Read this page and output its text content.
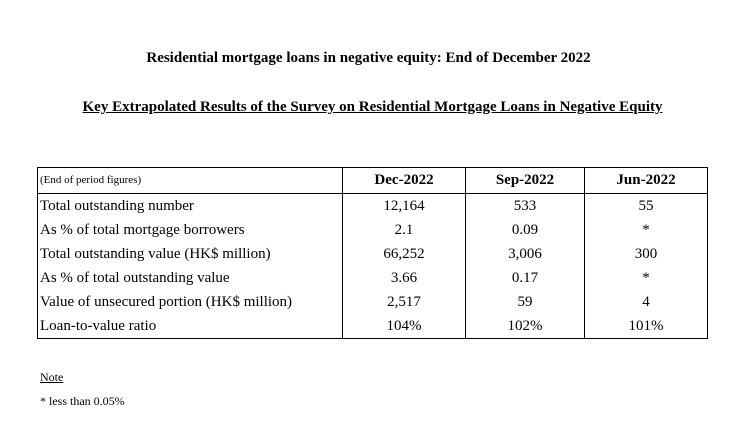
Residential mortgage loans in negative equity: End of December 2022
Key Extrapolated Results of the Survey on Residential Mortgage Loans in Negative Equity
(End of period figures)	Dec-2022	Sep-2022	Jun-2022
Total outstanding number	12,164	533	55
As % of total mortgage borrowers	2.1	0.09	*
Total outstanding value (HK$ million)	66,252	3,006	300
As % of total outstanding value	3.66	0.17	*
Value of unsecured portion (HK$ million)	2,517	59	4
Loan-to-value ratio	104%	102%	101%
Note
* less than 0.05%
